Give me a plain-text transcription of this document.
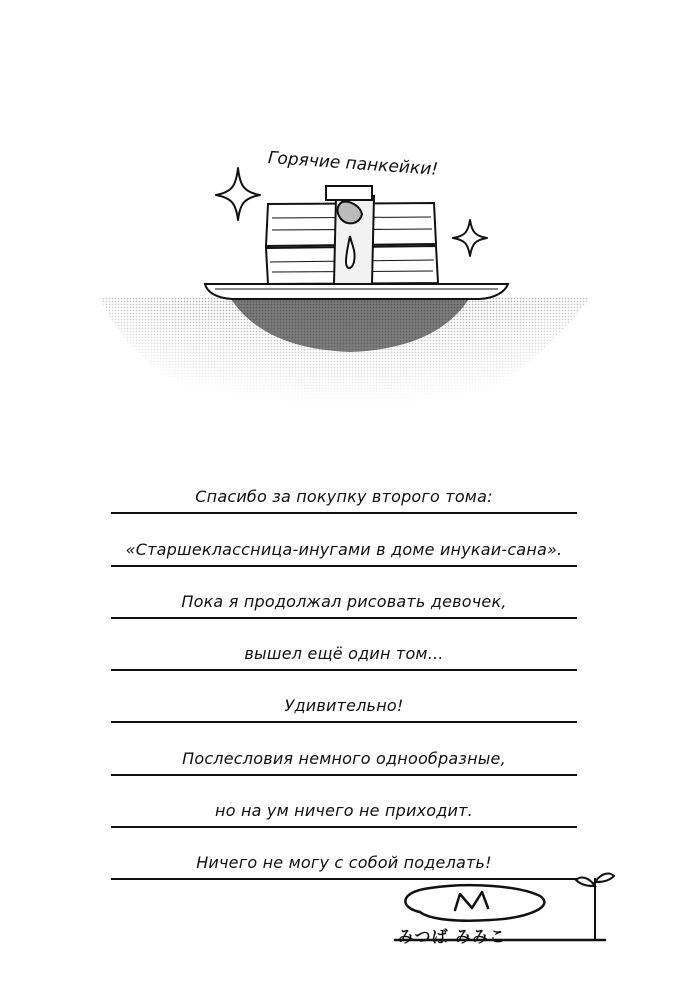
Горячие панкейки!
Спасибо за покупку второго тома:
«Старшеклассница-инугами в доме инукаи-сана».
Пока я продолжал рисовать девочек,
вышел ещё один том...
Удивительно!
Послесловия немного однообразные,
но на ум ничего не приходит.
Ничего не могу с собой поделать!
みつば みみこ
